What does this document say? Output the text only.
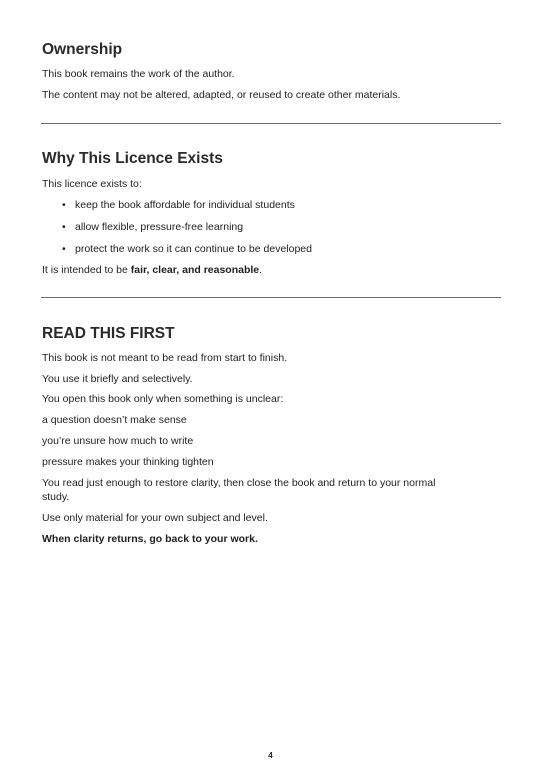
Ownership

This book remains the work of the author.

The content may not be altered, adapted, or reused to create other materials.

Why This Licence Exists

This licence exists to:

• keep the book affordable for individual students
• allow flexible, pressure-free learning
• protect the work so it can continue to be developed

It is intended to be fair, clear, and reasonable.

READ THIS FIRST

This book is not meant to be read from start to finish.

You use it briefly and selectively.

You open this book only when something is unclear:

a question doesn’t make sense

you’re unsure how much to write

pressure makes your thinking tighten

You read just enough to restore clarity, then close the book and return to your normal

study.

Use only material for your own subject and level.

When clarity returns, go back to your work.

4
